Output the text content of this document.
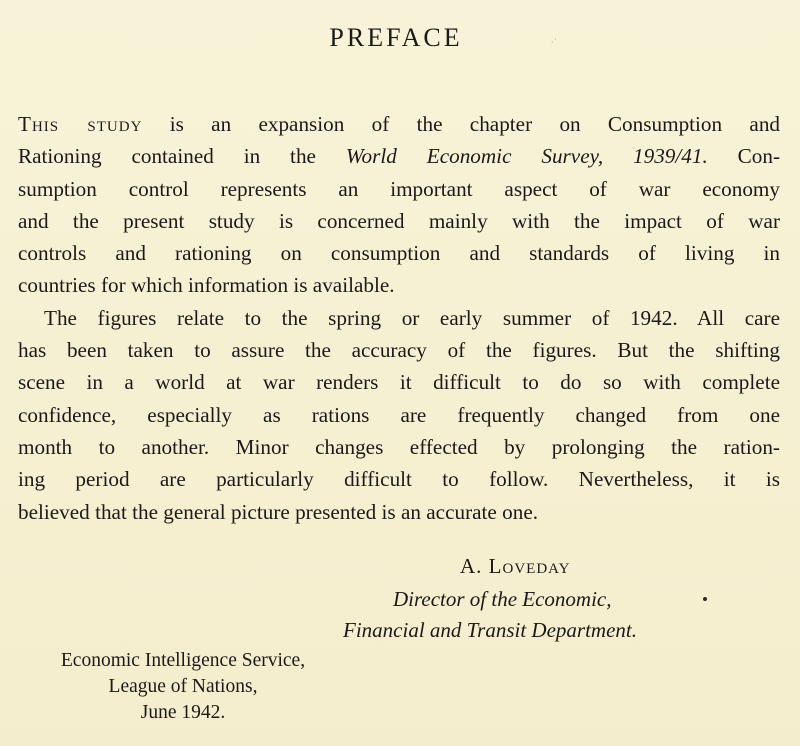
PREFACE	·˙
This study is an expansion of the chapter on Consumption and
Rationing contained in the World Economic Survey, 1939/41. Con-
sumption control represents an important aspect of war economy
and the present study is concerned mainly with the impact of war
controls and rationing on consumption and standards of living in
countries for which information is available.
The figures relate to the spring or early summer of 1942. All care
has been taken to assure the accuracy of the figures. But the shifting
scene in a world at war renders it difficult to do so with complete
confidence, especially as rations are frequently changed from one
month to another. Minor changes effected by prolonging the ration-
ing period are particularly difficult to follow. Nevertheless, it is
believed that the general picture presented is an accurate one.
A. Loveday
Director of the Economic,
Financial and Transit Department.
Economic Intelligence Service,
League of Nations,
June 1942.
